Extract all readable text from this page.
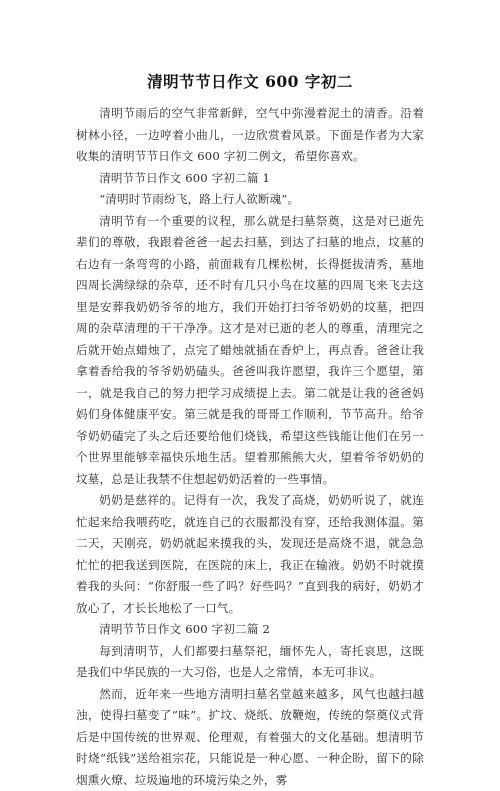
清明节节日作文 600 字初二

清明节雨后的空气非常新鲜，空气中弥漫着泥土的清香。沿着树林小径，一边哼着小曲儿，一边欣赏着风景。下面是作者为大家收集的清明节节日作文 600 字初二例文，希望你喜欢。

清明节节日作文 600 字初二篇 1

“清明时节雨纷飞，路上行人欲断魂”。

清明节有一个重要的议程，那么就是扫墓祭奠，这是对已逝先辈们的尊敬，我跟着爸爸一起去扫墓，到达了扫墓的地点，坟墓的右边有一条弯弯的小路，前面栽有几棵松树，长得挺拔清秀，墓地四周长满绿绿的杂草，还不时有几只小鸟在坟墓的四周飞来飞去这里是安葬我奶奶爷爷的地方，我们开始打扫爷爷奶奶的坟墓，把四周的杂草清理的干干净净。这才是对已逝的老人的尊重，清理完之后就开始点蜡烛了，点完了蜡烛就插在香炉上，再点香。爸爸让我拿着香给我的爷爷奶奶磕头。爸爸叫我许愿望，我许三个愿望，第一，就是我自己的努力把学习成绩提上去。第二就是让我的爸爸妈妈们身体健康平安。第三就是我的哥哥工作顺利，节节高升。给爷爷奶奶磕完了头之后还要给他们烧钱，希望这些钱能让他们在另一个世界里能够幸福快乐地生活。望着那熊熊大火，望着爷爷奶奶的坟墓，总是让我禁不住想起奶奶活着的一些事情。

奶奶是慈祥的。记得有一次，我发了高烧，奶奶听说了，就连忙起来给我喂药吃，就连自己的衣服都没有穿，还给我测体温。第二天，天刚亮，奶奶就起来摸我的头，发现还是高烧不退，就急急忙忙的把我送到医院，在医院的床上，我正在输液。奶奶不时就摸着我的头问：“你舒服一些了吗？好些吗？”直到我的病好，奶奶才放心了，才长长地松了一口气。

清明节节日作文 600 字初二篇 2

每到清明节，人们都要扫墓祭祀，缅怀先人，寄托哀思，这既是我们中华民族的一大习俗，也是人之常情，本无可非议。

然而，近年来一些地方清明扫墓名堂越来越多，风气也越扫越浊，使得扫墓变了“味”。扩坟、烧纸、放鞭炮，传统的祭奠仪式背后是中国传统的世界观、伦理观，有着强大的文化基础。想清明节时烧“纸钱”送给祖宗花，只能说是一种心愿、一种企盼，留下的除烟熏火燎、垃圾遍地的环境污染之外，雾
